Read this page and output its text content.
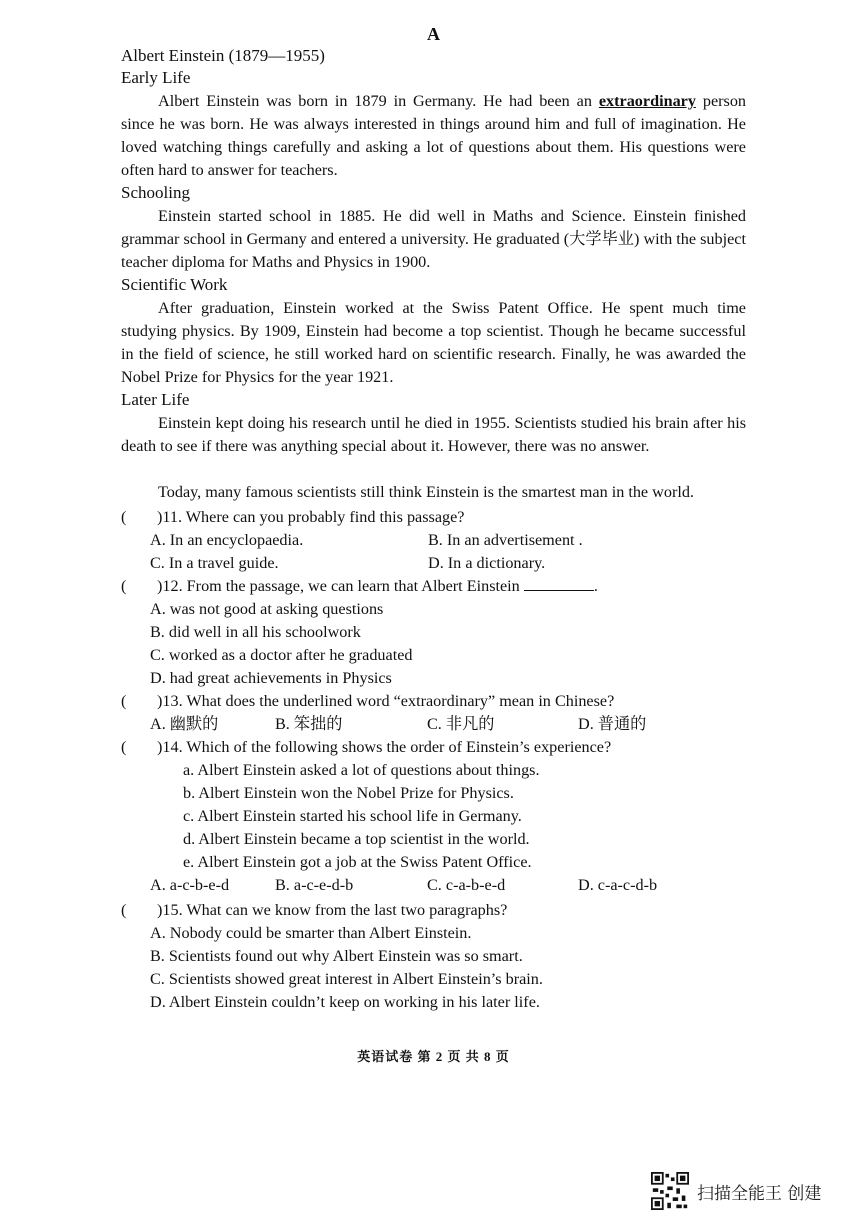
A
Albert Einstein (1879—1955)
Early Life
Albert Einstein was born in 1879 in Germany. He had been an extraordinary person since he was born. He was always interested in things around him and full of imagination. He loved watching things carefully and asking a lot of questions about them. His questions were often hard to answer for teachers.
Schooling
Einstein started school in 1885. He did well in Maths and Science. Einstein finished grammar school in Germany and entered a university. He graduated (大学毕业) with the subject teacher diploma for Maths and Physics in 1900.
Scientific Work
After graduation, Einstein worked at the Swiss Patent Office. He spent much time studying physics. By 1909, Einstein had become a top scientist. Though he became successful in the field of science, he still worked hard on scientific research. Finally, he was awarded the Nobel Prize for Physics for the year 1921.
Later Life
Einstein kept doing his research until he died in 1955. Scientists studied his brain after his death to see if there was anything special about it. However, there was no answer.
Today, many famous scientists still think Einstein is the smartest man in the world.
( )11. Where can you probably find this passage?
A. In an encyclopaedia.	B. In an advertisement .
C. In a travel guide.	D. In a dictionary.
( )12. From the passage, we can learn that Albert Einstein	.
A. was not good at asking questions
B. did well in all his schoolwork
C. worked as a doctor after he graduated
D. had great achievements in Physics
( )13. What does the underlined word “extraordinary” mean in Chinese?
A. 幽默的	B. 笨拙的	C. 非凡的	D. 普通的
( )14. Which of the following shows the order of Einstein’s experience?
a. Albert Einstein asked a lot of questions about things.
b. Albert Einstein won the Nobel Prize for Physics.
c. Albert Einstein started his school life in Germany.
d. Albert Einstein became a top scientist in the world.
e. Albert Einstein got a job at the Swiss Patent Office.
A. a-c-b-e-d	B. a-c-e-d-b	C. c-a-b-e-d	D. c-a-c-d-b
( )15. What can we know from the last two paragraphs?
A. Nobody could be smarter than Albert Einstein.
B. Scientists found out why Albert Einstein was so smart.
C. Scientists showed great interest in Albert Einstein’s brain.
D. Albert Einstein couldn’t keep on working in his later life.
英语试卷 第 2 页 共 8 页
扫描全能王 创建
